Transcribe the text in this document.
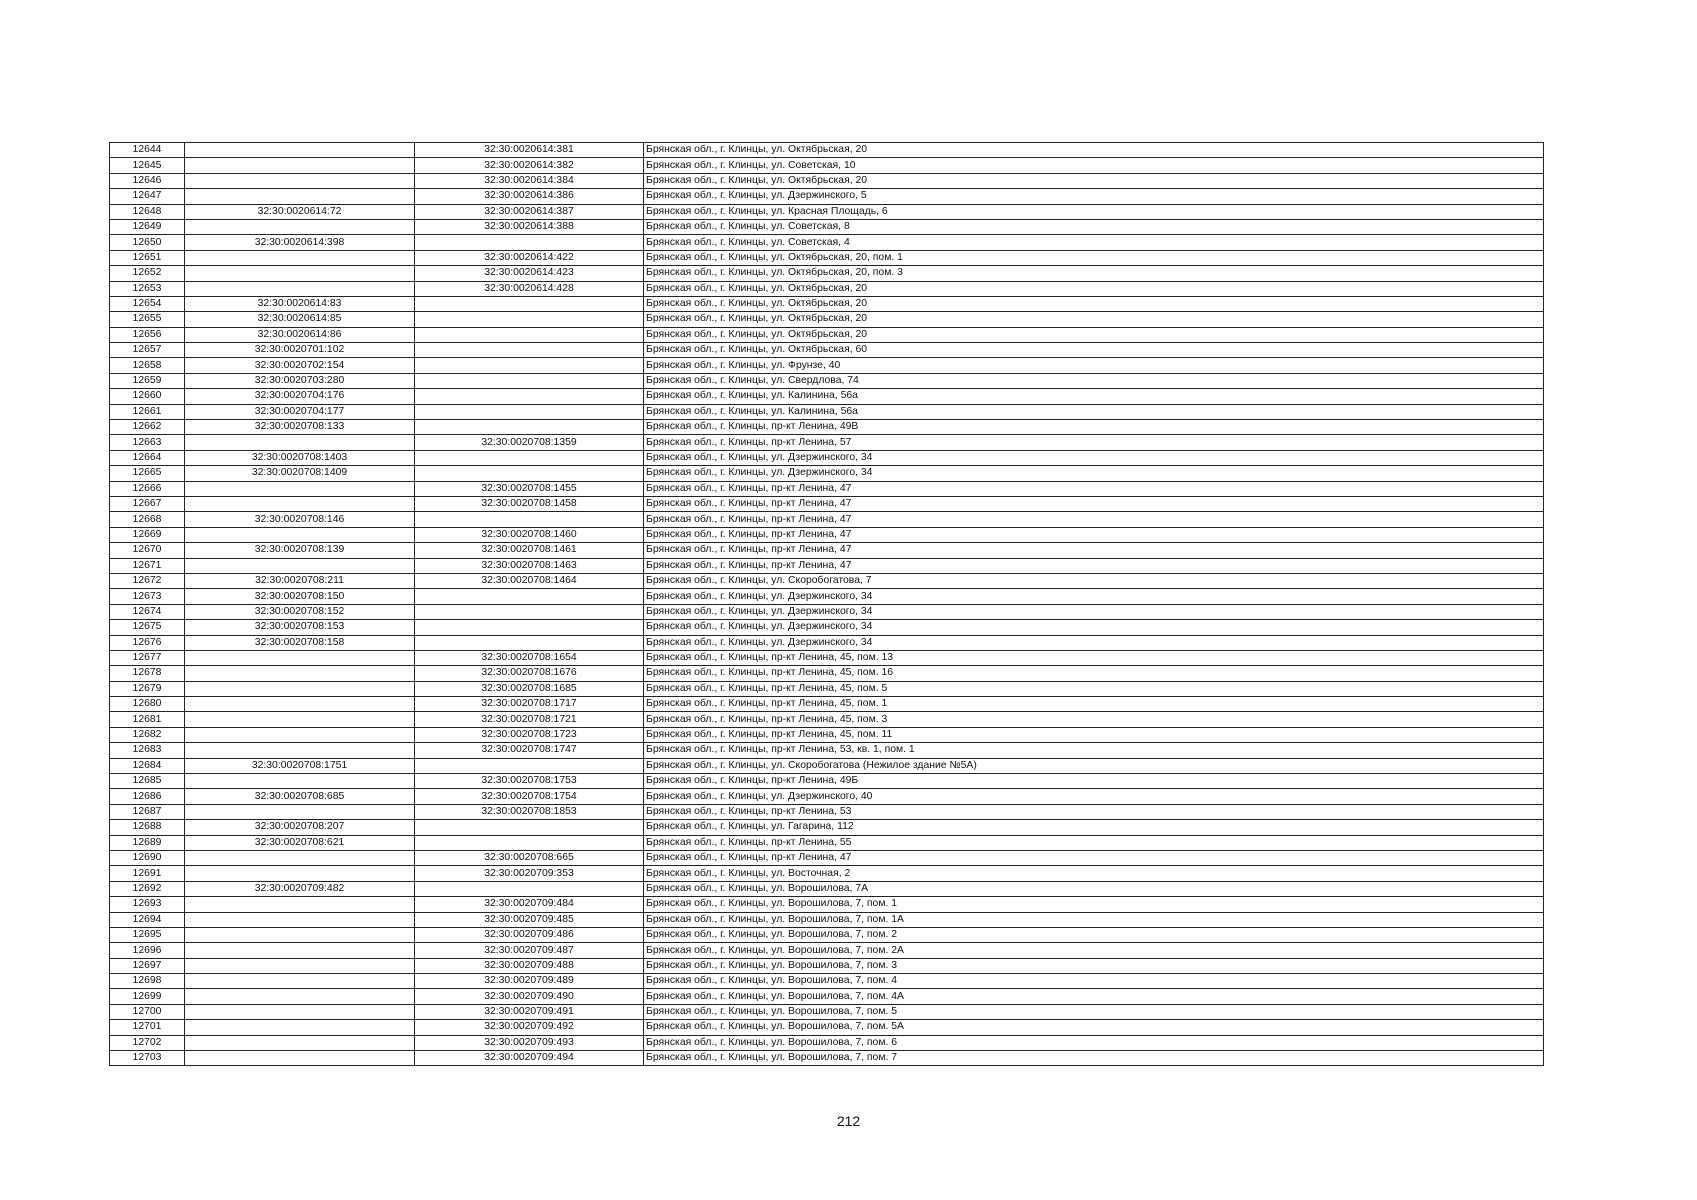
12644		32:30:0020614:381	Брянская обл., г. Клинцы, ул. Октябрьская, 20
12645		32:30:0020614:382	Брянская обл., г. Клинцы, ул. Советская, 10
12646		32:30:0020614:384	Брянская обл., г. Клинцы, ул. Октябрьская, 20
12647		32:30:0020614:386	Брянская обл., г. Клинцы, ул. Дзержинского, 5
12648	32:30:0020614:72	32:30:0020614:387	Брянская обл., г. Клинцы, ул. Красная Площадь, 6
12649		32:30:0020614:388	Брянская обл., г. Клинцы, ул. Советская, 8
12650	32:30:0020614:398		Брянская обл., г. Клинцы, ул. Советская, 4
12651		32:30:0020614:422	Брянская обл., г. Клинцы, ул. Октябрьская, 20, пом. 1
12652		32:30:0020614:423	Брянская обл., г. Клинцы, ул. Октябрьская, 20, пом. 3
12653		32:30:0020614:428	Брянская обл., г. Клинцы, ул. Октябрьская, 20
12654	32:30:0020614:83		Брянская обл., г. Клинцы, ул. Октябрьская, 20
12655	32:30:0020614:85		Брянская обл., г. Клинцы, ул. Октябрьская, 20
12656	32:30:0020614:86		Брянская обл., г. Клинцы, ул. Октябрьская, 20
12657	32:30:0020701:102		Брянская обл., г. Клинцы, ул. Октябрьская, 60
12658	32:30:0020702:154		Брянская обл., г. Клинцы, ул. Фрунзе, 40
12659	32:30:0020703:280		Брянская обл., г. Клинцы, ул. Свердлова, 74
12660	32:30:0020704:176		Брянская обл., г. Клинцы, ул. Калинина, 56а
12661	32:30:0020704:177		Брянская обл., г. Клинцы, ул. Калинина, 56а
12662	32:30:0020708:133		Брянская обл., г. Клинцы, пр-кт Ленина, 49В
12663		32:30:0020708:1359	Брянская обл., г. Клинцы, пр-кт Ленина, 57
12664	32:30:0020708:1403		Брянская обл., г. Клинцы, ул. Дзержинского, 34
12665	32:30:0020708:1409		Брянская обл., г. Клинцы, ул. Дзержинского, 34
12666		32:30:0020708:1455	Брянская обл., г. Клинцы, пр-кт Ленина, 47
12667		32:30:0020708:1458	Брянская обл., г. Клинцы, пр-кт Ленина, 47
12668	32:30:0020708:146		Брянская обл., г. Клинцы, пр-кт Ленина, 47
12669		32:30:0020708:1460	Брянская обл., г. Клинцы, пр-кт Ленина, 47
12670	32:30:0020708:139	32:30:0020708:1461	Брянская обл., г. Клинцы, пр-кт Ленина, 47
12671		32:30:0020708:1463	Брянская обл., г. Клинцы, пр-кт Ленина, 47
12672	32:30:0020708:211	32:30:0020708:1464	Брянская обл., г. Клинцы, ул. Скоробогатова, 7
12673	32:30:0020708:150		Брянская обл., г. Клинцы, ул. Дзержинского, 34
12674	32:30:0020708:152		Брянская обл., г. Клинцы, ул. Дзержинского, 34
12675	32:30:0020708:153		Брянская обл., г. Клинцы, ул. Дзержинского, 34
12676	32:30:0020708:158		Брянская обл., г. Клинцы, ул. Дзержинского, 34
12677		32:30:0020708:1654	Брянская обл., г. Клинцы, пр-кт Ленина, 45, пом. 13
12678		32:30:0020708:1676	Брянская обл., г. Клинцы, пр-кт Ленина, 45, пом. 16
12679		32:30:0020708:1685	Брянская обл., г. Клинцы, пр-кт Ленина, 45, пом. 5
12680		32:30:0020708:1717	Брянская обл., г. Клинцы, пр-кт Ленина, 45, пом. 1
12681		32:30:0020708:1721	Брянская обл., г. Клинцы, пр-кт Ленина, 45, пом. 3
12682		32:30:0020708:1723	Брянская обл., г. Клинцы, пр-кт Ленина, 45, пом. 11
12683		32:30:0020708:1747	Брянская обл., г. Клинцы, пр-кт Ленина, 53, кв. 1, пом. 1
12684	32:30:0020708:1751		Брянская обл., г. Клинцы, ул. Скоробогатова (Нежилое здание №5А)
12685		32:30:0020708:1753	Брянская обл., г. Клинцы, пр-кт Ленина, 49Б
12686	32:30:0020708:685	32:30:0020708:1754	Брянская обл., г. Клинцы, ул. Дзержинского, 40
12687		32:30:0020708:1853	Брянская обл., г. Клинцы, пр-кт Ленина, 53
12688	32:30:0020708:207		Брянская обл., г. Клинцы, ул. Гагарина, 112
12689	32:30:0020708:621		Брянская обл., г. Клинцы, пр-кт Ленина, 55
12690		32:30:0020708:665	Брянская обл., г. Клинцы, пр-кт Ленина, 47
12691		32:30:0020709:353	Брянская обл., г. Клинцы, ул. Восточная, 2
12692	32:30:0020709:482		Брянская обл., г. Клинцы, ул. Ворошилова, 7А
12693		32:30:0020709:484	Брянская обл., г. Клинцы, ул. Ворошилова, 7, пом. 1
12694		32:30:0020709:485	Брянская обл., г. Клинцы, ул. Ворошилова, 7, пом. 1А
12695		32:30:0020709:486	Брянская обл., г. Клинцы, ул. Ворошилова, 7, пом. 2
12696		32:30:0020709:487	Брянская обл., г. Клинцы, ул. Ворошилова, 7, пом. 2А
12697		32:30:0020709:488	Брянская обл., г. Клинцы, ул. Ворошилова, 7, пом. 3
12698		32:30:0020709:489	Брянская обл., г. Клинцы, ул. Ворошилова, 7, пом. 4
12699		32:30:0020709:490	Брянская обл., г. Клинцы, ул. Ворошилова, 7, пом. 4А
12700		32:30:0020709:491	Брянская обл., г. Клинцы, ул. Ворошилова, 7, пом. 5
12701		32:30:0020709:492	Брянская обл., г. Клинцы, ул. Ворошилова, 7, пом. 5А
12702		32:30:0020709:493	Брянская обл., г. Клинцы, ул. Ворошилова, 7, пом. 6
12703		32:30:0020709:494	Брянская обл., г. Клинцы, ул. Ворошилова, 7, пом. 7
212
